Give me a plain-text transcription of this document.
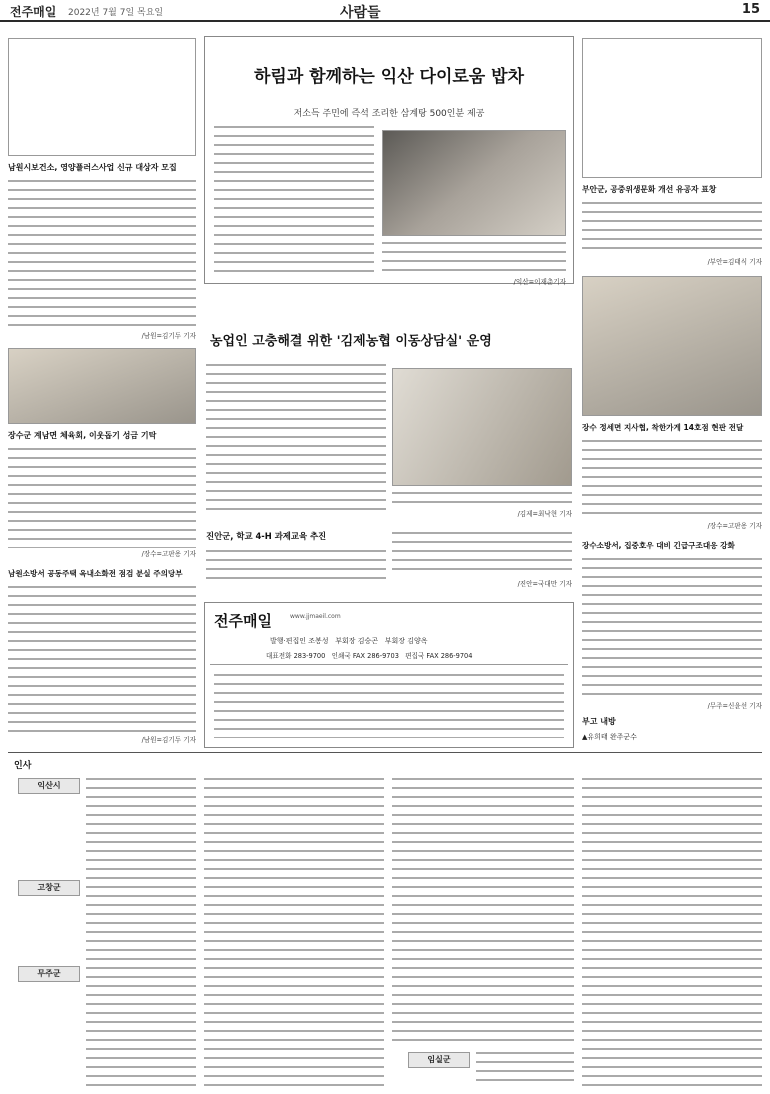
전주매일 2022년 7월 7일 목요일	사람들	15
남원시보건소, 영양플러스사업 신규 대상자 모집
/남원=김기두 기자
장수군 계남면 체육회, 이웃돕기 성금 기탁
/장수=고판용 기자
남원소방서 공동주택 옥내소화전 점검 분실 주의당부
/남원=김기두 기자
하림과 함께하는 익산 다이로움 밥차
저소득 주민에 즉석 조리한 삼계탕 500인분 제공
/익산=이재춘기자
농업인 고충해결 위한 '김제농협 이동상담실' 운영
/김제=최낙현 기자
진안군, 학교 4-H 과제교육 추진
/진안=국대만 기자
전주매일	www.jjmaeil.com
발행·편집인 조봉성 부회장 김승곤 부회장 김양옥
대표전화 283-9700 인쇄국 FAX 286-9703 편집국 FAX 286-9704
부안군, 공중위생문화 개선 유공자 표창
/부안=김태식 기자
장수 정세면 지사협, 착한가게 14호점 현판 전달
/장수=고판용 기자
장수소방서, 집중호우 대비 긴급구조대응 강화
/무주=신윤선 기자
부고 내방
▲유희태 완주군수
인사
익산시
고창군
무주군
임실군
